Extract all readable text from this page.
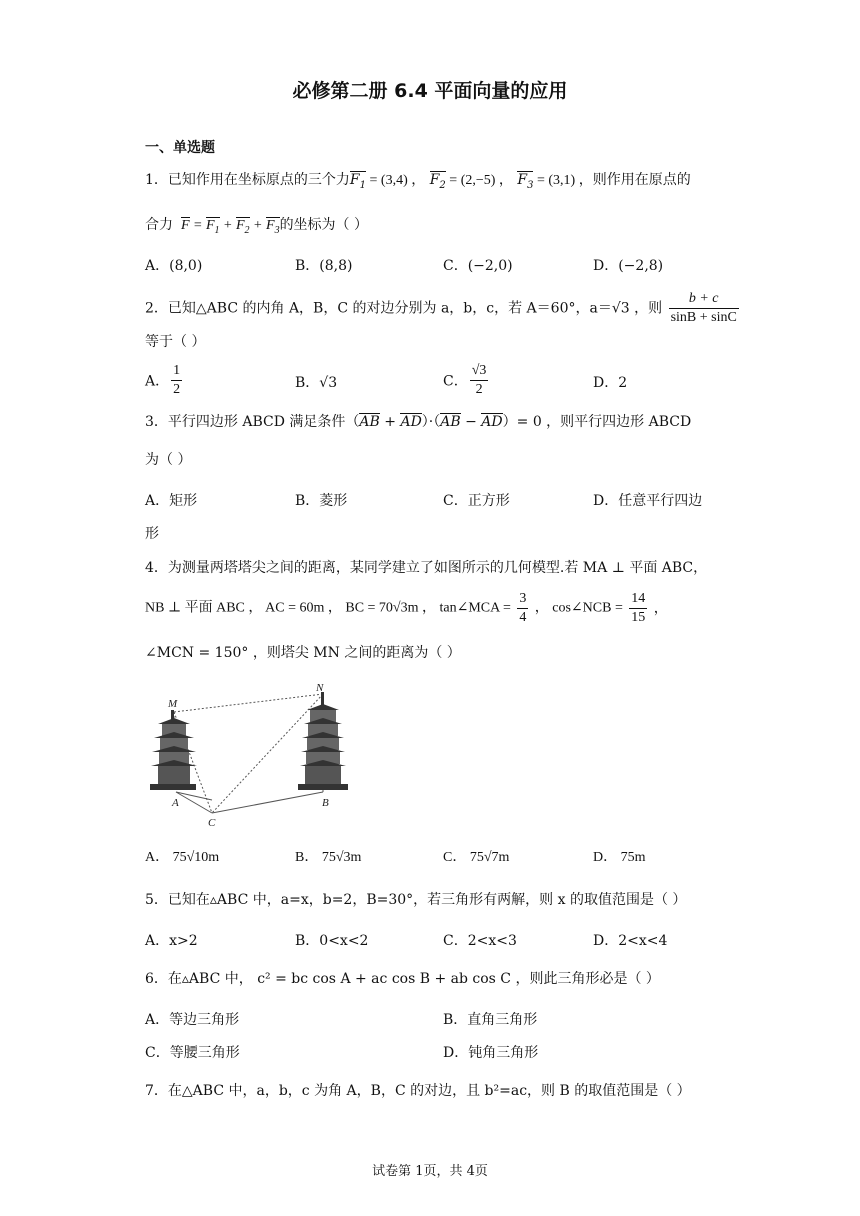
必修第二册 6.4 平面向量的应用
一、单选题
1．已知作用在坐标原点的三个力$F_1 = (3,4)$ ， $F_2 = (2,-5)$ ， $F_3 = (3,1)$ ，则作用在原点的
合力 $F = F_1 + F_2 + F_3$的坐标为（ ）
A．(8,0)	B．(8,8)	C．(−2,0)	D．(−2,8)
2．已知△ABC 的内角 A，B，C 的对边分别为 a，b，c，若 A＝60°，a＝√3 ，则 $\frac{b + c}{\sin B + \sin C}$
等于（ ）
A． $\frac{1}{2}$	B．√3	C． $\frac{√3}{2}$	D．2
3．平行四边形 ABCD 满足条件（AB + AD）·（AB − AD）= 0 ，则平行四边形 ABCD
为（ ）
A．矩形	B．菱形	C．正方形	D．任意平行四边
形
4．为测量两塔塔尖之间的距离，某同学建立了如图所示的几何模型.若 MA ⊥ 平面 ABC，
NB ⊥ 平面 ABC ， AC = 60m ， BC = 70√3m ， tan∠MCA = $\frac{3}{4}$ ， cos∠NCB = $\frac{14}{15}$ ，
∠MCN = 150° ，则塔尖 MN 之间的距离为（ ）
M
N
A
C
B
A． 75√10m	B． 75√3m	C． 75√7m	D． 75m
5．已知在▵ABC 中，a=x，b=2，B=30°，若三角形有两解，则 x 的取值范围是（ ）
A．x>2	B．0<x<2	C．2<x<3	D．2<x<4
6．在▵ABC 中， c² = bc cos A + ac cos B + ab cos C ，则此三角形必是（ ）
A．等边三角形	B．直角三角形
C．等腰三角形	D．钝角三角形
7．在△ABC 中，a，b，c 为角 A，B，C 的对边，且 b²=ac，则 B 的取值范围是（ ）
试卷第 1页，共 4页
